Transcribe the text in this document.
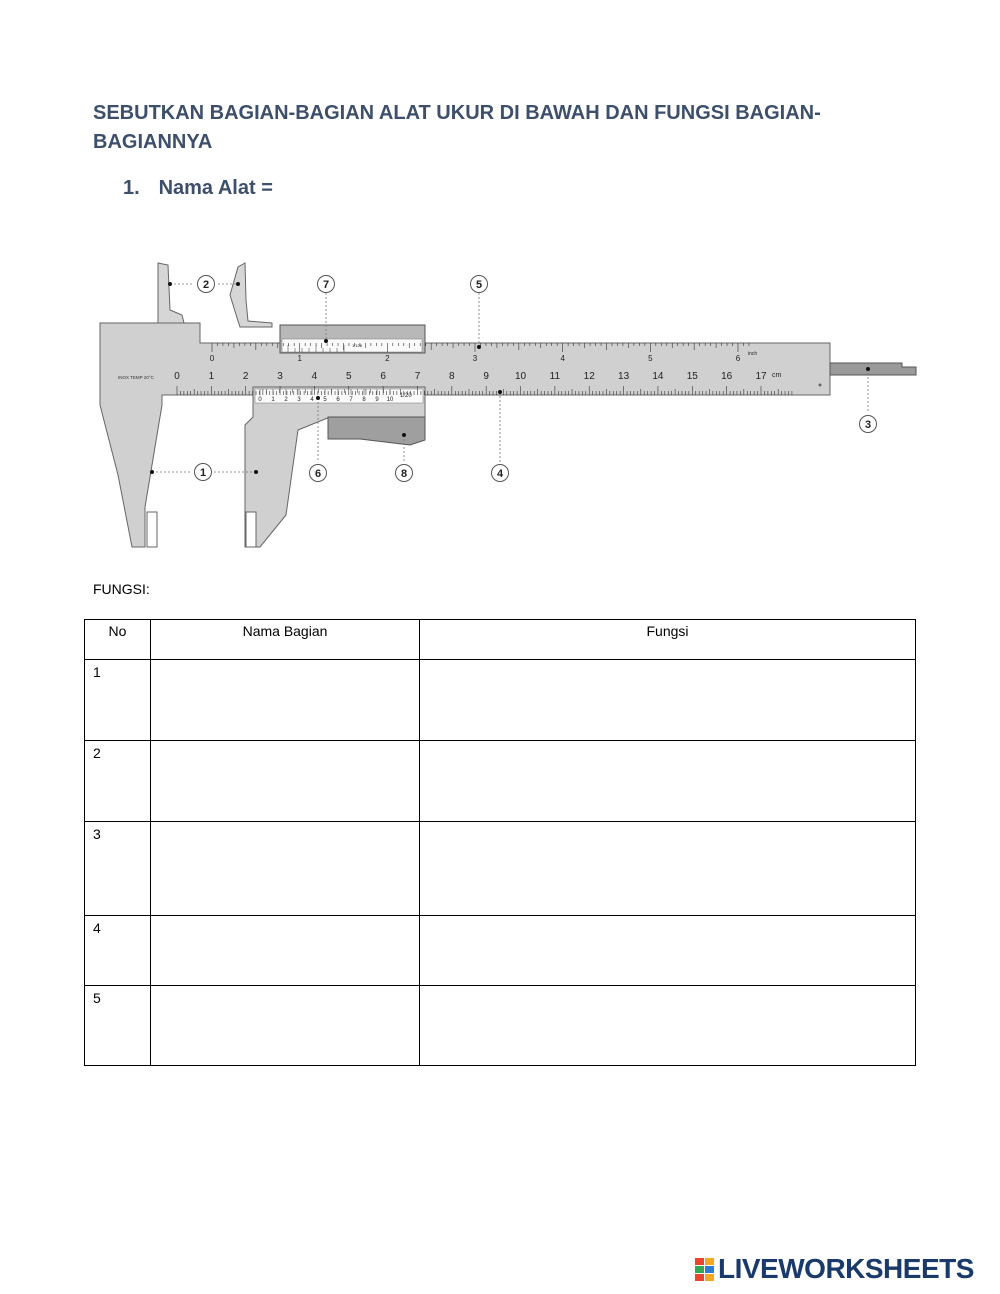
SEBUTKAN BAGIAN-BAGIAN ALAT UKUR DI BAWAH DAN FUNGSI BAGIAN-BAGIANNYA
1. Nama Alat =
0	1	2	3	4	5	6 inch
0	1	2	3	4	5	6	7	8	9	10 11 12 13 14 15 16 17 cm
0 1 2 3 4 5 6 7 8 9 10
1/20
1/128
INOX TEMP 20°C
1
2
3
4
5
6
7
8
FUNGSI:
No	Nama Bagian	Fungsi
1		
2		
3		
4		
5		
LIVEWORKSHEETS
